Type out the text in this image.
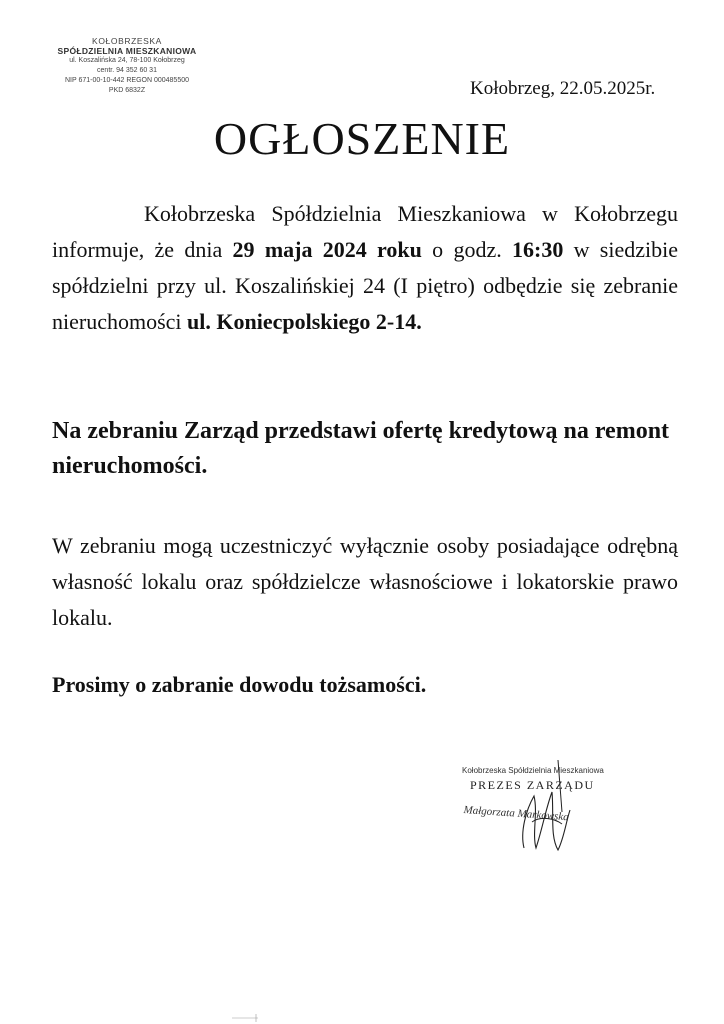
KOŁOBRZESKA
SPÓŁDZIELNIA MIESZKANIOWA
ul. Koszalińska 24, 78-100 Kołobrzeg
centr. 94 352 60 31
NIP 671-00-10-442 REGON 000485500
PKD 6832Z	Kołobrzeg, 22.05.2025r.
OGŁOSZENIE
Kołobrzeska Spółdzielnia Mieszkaniowa w Kołobrzegu informuje, że dnia 29 maja 2024 roku o godz. 16:30 w siedzibie spółdzielni przy ul. Koszalińskiej 24 (I piętro) odbędzie się zebranie nieruchomości ul. Koniecpolskiego 2-14.
Na zebraniu Zarząd przedstawi ofertę kredytową na remont nieruchomości.
W zebraniu mogą uczestniczyć wyłącznie osoby posiadające odrębną własność lokalu oraz spółdzielcze własnościowe i lokatorskie prawo lokalu.
Prosimy o zabranie dowodu tożsamości.
Kołobrzeska Spółdzielnia Mieszkaniowa
PREZES ZARZĄDU
Małgorzata Markowska
